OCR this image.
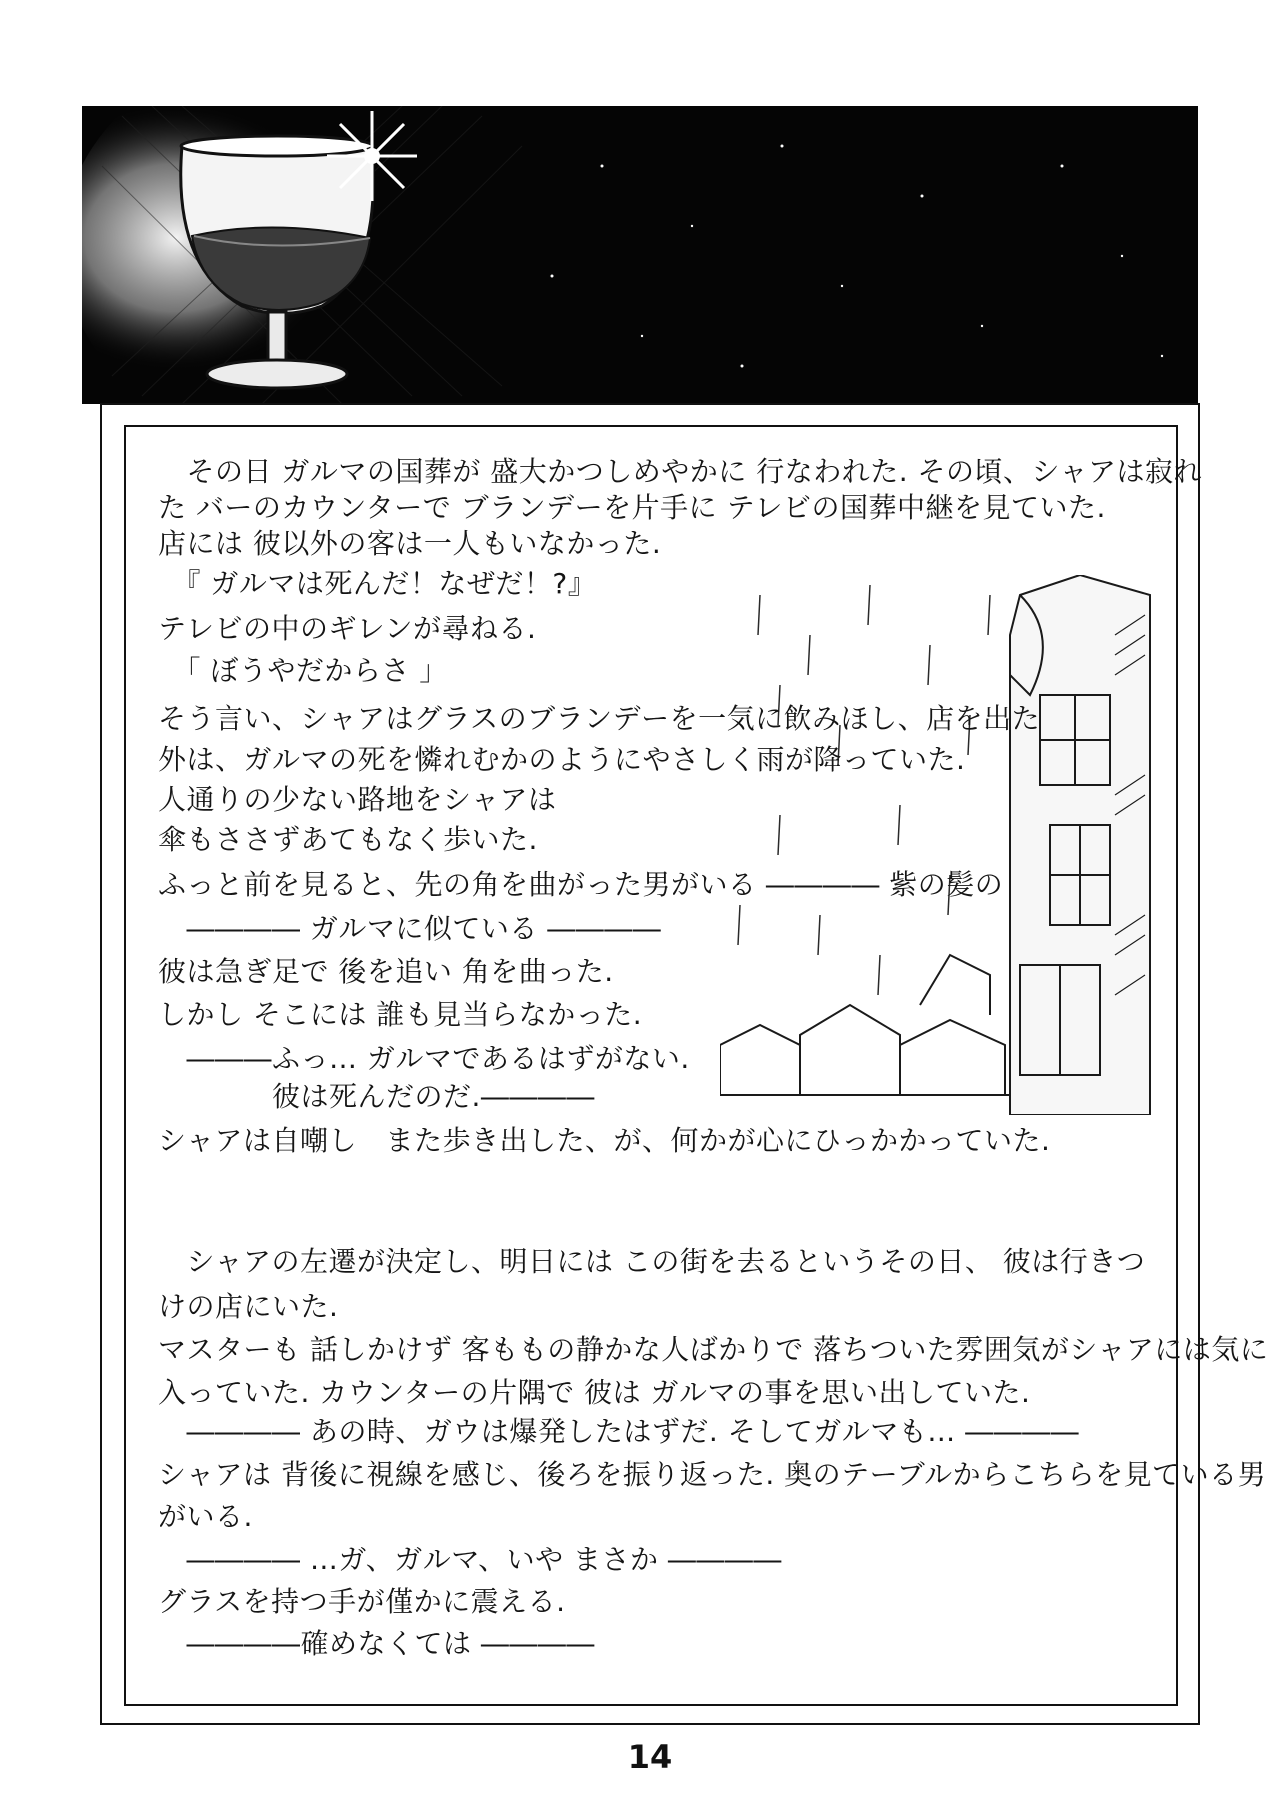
　その日 ガルマの国葬が 盛大かつしめやかに 行なわれた. その頃、シャアは寂れ
た バーのカウンターで ブランデーを片手に テレビの国葬中継を見ていた.
店には 彼以外の客は一人もいなかった.
　『 ガルマは死んだ！なぜだ！?』
テレビの中のギレンが尋ねる.
　「 ぼうやだからさ 」
そう言い、シャアはグラスのブランデーを一気に飲みほし、店を出た
外は、ガルマの死を憐れむかのようにやさしく雨が降っていた.
人通りの少ない路地をシャアは
傘もささずあてもなく歩いた.
ふっと前を見ると、先の角を曲がった男がいる ―――― 紫の髪の
　―――― ガルマに似ている ――――
彼は急ぎ足で 後を追い 角を曲った.
しかし そこには 誰も見当らなかった.
　―――ふっ… ガルマであるはずがない.
　　　　彼は死んだのだ.――――
シャアは自嘲し　また歩き出した、が、何かが心にひっかかっていた.
　シャアの左遷が決定し、明日には この街を去るというその日、 彼は行きつ
けの店にいた.
マスターも 話しかけず 客ももの静かな人ばかりで 落ちついた雰囲気がシャアには気に
入っていた. カウンターの片隅で 彼は ガルマの事を思い出していた.
　―――― あの時、ガウは爆発したはずだ. そしてガルマも… ――――
シャアは 背後に視線を感じ、後ろを振り返った. 奥のテーブルからこちらを見ている男
がいる.
　―――― …ガ、ガルマ、いや まさか ――――
グラスを持つ手が僅かに震える.
　――――確めなくては ――――
14
